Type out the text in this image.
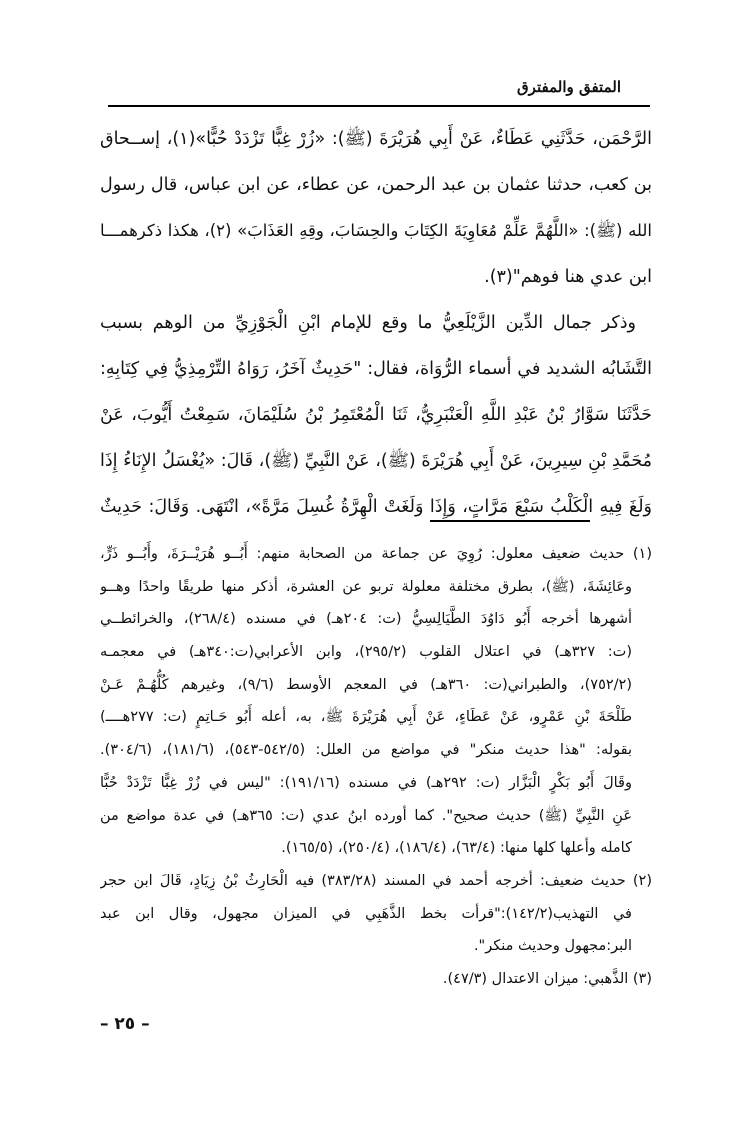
المتفق والمفترق
الرَّحْمَن، حَدَّثَنِي عَطَاءٌ، عَنْ أَبِي هُرَيْرَةَ (ﷺ): «زُرْ غِبًّا تَزْدَدْ حُبًّا»(١)، إســحاق
بن كعب، حدثنا عثمان بن عبد الرحمن، عن عطاء، عن ابن عباس، قال رسول
الله (ﷺ): «اللَّهُمَّ عَلِّمْ مُعَاوِيَةَ الكِتَابَ والحِسَابَ، وقِهِ العَذَابَ» (٢)، هكذا ذكرهمـــا
ابن عدي هنا فوهم"(٣).
وذكر جمال الدِّين الزَّيْلَعِيُّ ما وقع للإمام ابْنِ الْجَوْزِيِّ من الوهم بسبب
التَّشَابُه الشديد في أسماء الرُّوَاة، فقال: "حَدِيثٌ آخَرُ، رَوَاهُ التِّرْمِذِيُّ فِي كِتَابِهِ:
حَدَّثَنَا سَوَّارُ بْنُ عَبْدِ اللَّهِ الْعَنْبَرِيُّ، ثَنَا الْمُعْتَمِرُ بْنُ سُلَيْمَانَ، سَمِعْتُ أَيُّوبَ، عَنْ
مُحَمَّدِ بْنِ سِيرِينَ، عَنْ أَبِي هُرَيْرَةَ (ﷺ)، عَنْ النَّبِيِّ (ﷺ)، قَالَ: «يُغْسَلُ الإِنَاءُ إِذَا
وَلَغَ فِيهِ الْكَلْبُ سَبْعَ مَرَّاتٍ، وَإِذَا وَلَغَتْ الْهِرَّةُ غُسِلَ مَرَّةً»، انْتَهَى. وَقَالَ: حَدِيثٌ
(١) حديث ضعيف معلول: رُوِيَ عن جماعة من الصحابة منهم: أَبُــو هُرَيْــرَةَ، وأَبُــو ذَرٍّ،
وعَائِشَةَ، (ﷺ)، بطرق مختلفة معلولة تربو عن العشرة، أذكر منها طريقًا واحدًا وهــو
أشهرها أخرجه أَبُو دَاوُدَ الطَّيَالِسِيُّ (ت: ٢٠٤هـ) في مسنده (٢٦٨/٤)، والخرائطــي
(ت: ٣٢٧هـ) في اعتلال القلوب (٢٩٥/٢)، وابن الأعرابي(ت:٣٤٠هـ) في معجمـه
(٧٥٢/٢)، والطبراني(ت: ٣٦٠هـ) في المعجم الأوسط (٩/٦)، وغيرهم كُلُّهُـمْ عَـنْ
طَلْحَةَ بْنِ عَمْرٍو، عَنْ عَطَاءٍ، عَنْ أَبِي هُرَيْرَةَ ﷺ، به، أعله أَبُو حَـاتِمٍ (ت: ٢٧٧هــــ)
بقوله: "هذا حديث منكر" في مواضع من العلل: (٥٤٢/٥-٥٤٣)، (١٨١/٦)، (٣٠٤/٦).
وقَالَ أَبُو بَكْرٍ الْبَزَّار (ت: ٢٩٢هـ) في مسنده (١٩١/١٦): "ليس في زُرْ غِبًّا تَزْدَدْ حُبًّا
عَنِ النَّبِيِّ (ﷺ) حديث صحيح". كما أورده ابنُ عدي (ت: ٣٦٥هـ) في عدة مواضع من
كامله وأعلها كلها منها: (٦٣/٤)، (١٨٦/٤)، (٢٥٠/٤)، (١٦٥/٥).
(٢) حديث ضعيف: أخرجه أحمد في المسند (٣٨٣/٢٨) فيه الْحَارِثُ بْنُ زِيَادٍ، قَالَ ابن حجر
في التهذيب(١٤٢/٢):"قرأت بخط الذَّهَبِي في الميزان مجهول، وقال ابن عبد
البر:مجهول وحديث منكر".
(٣) الذَّهبي: ميزان الاعتدال (٤٧/٣).
– ٢٥ –
